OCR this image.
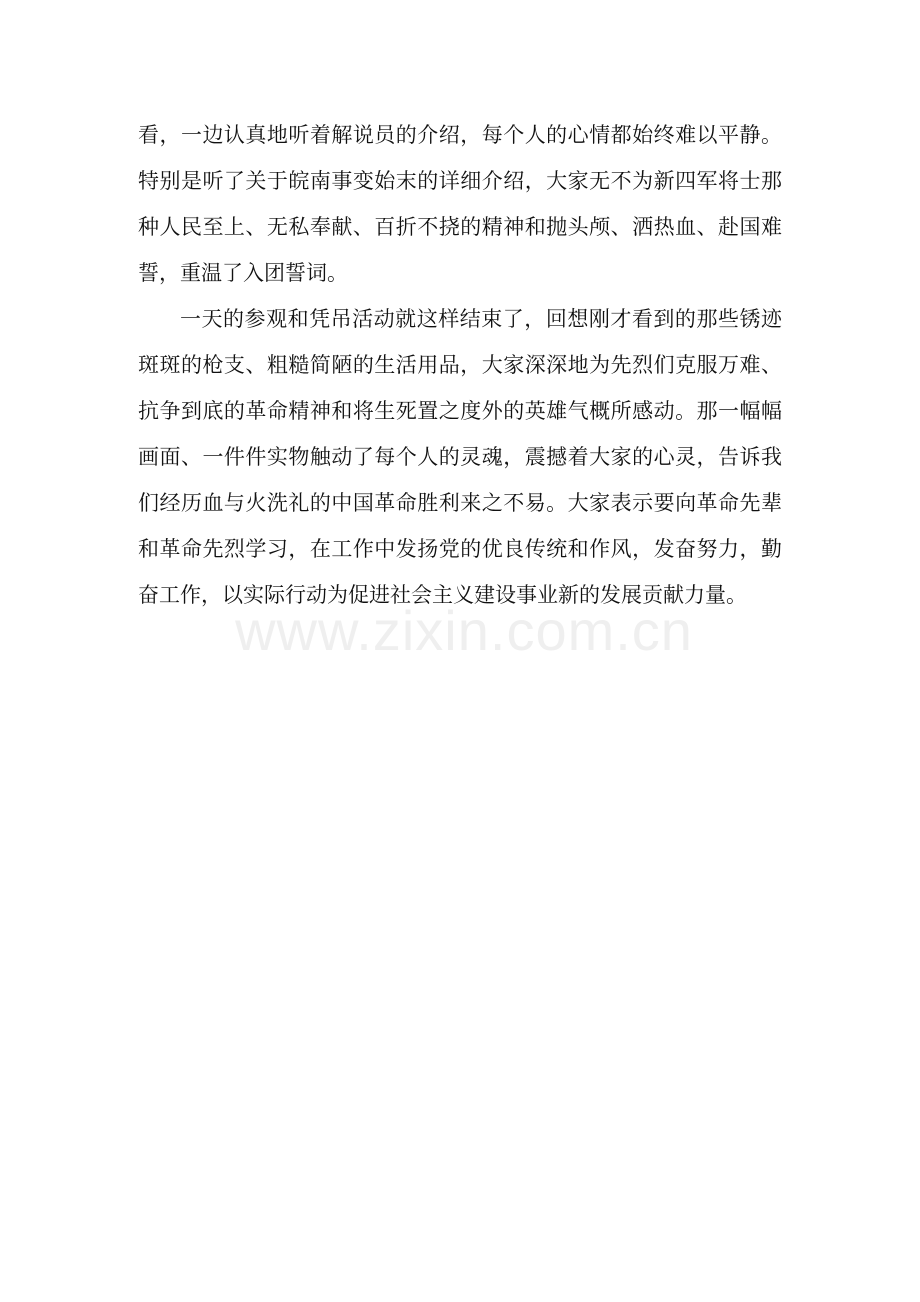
www.zixin.com.cn
看，一边认真地听着解说员的介绍，每个人的心情都始终难以平静。
特别是听了关于皖南事变始末的详细介绍，大家无不为新四军将士那
种人民至上、无私奉献、百折不挠的精神和抛头颅、洒热血、赴国难
誓，重温了入团誓词。
一天的参观和凭吊活动就这样结束了，回想刚才看到的那些锈迹
斑斑的枪支、粗糙简陋的生活用品，大家深深地为先烈们克服万难、
抗争到底的革命精神和将生死置之度外的英雄气概所感动。那一幅幅
画面、一件件实物触动了每个人的灵魂，震撼着大家的心灵，告诉我
们经历血与火洗礼的中国革命胜利来之不易。大家表示要向革命先辈
和革命先烈学习，在工作中发扬党的优良传统和作风，发奋努力，勤
奋工作，以实际行动为促进社会主义建设事业新的发展贡献力量。
